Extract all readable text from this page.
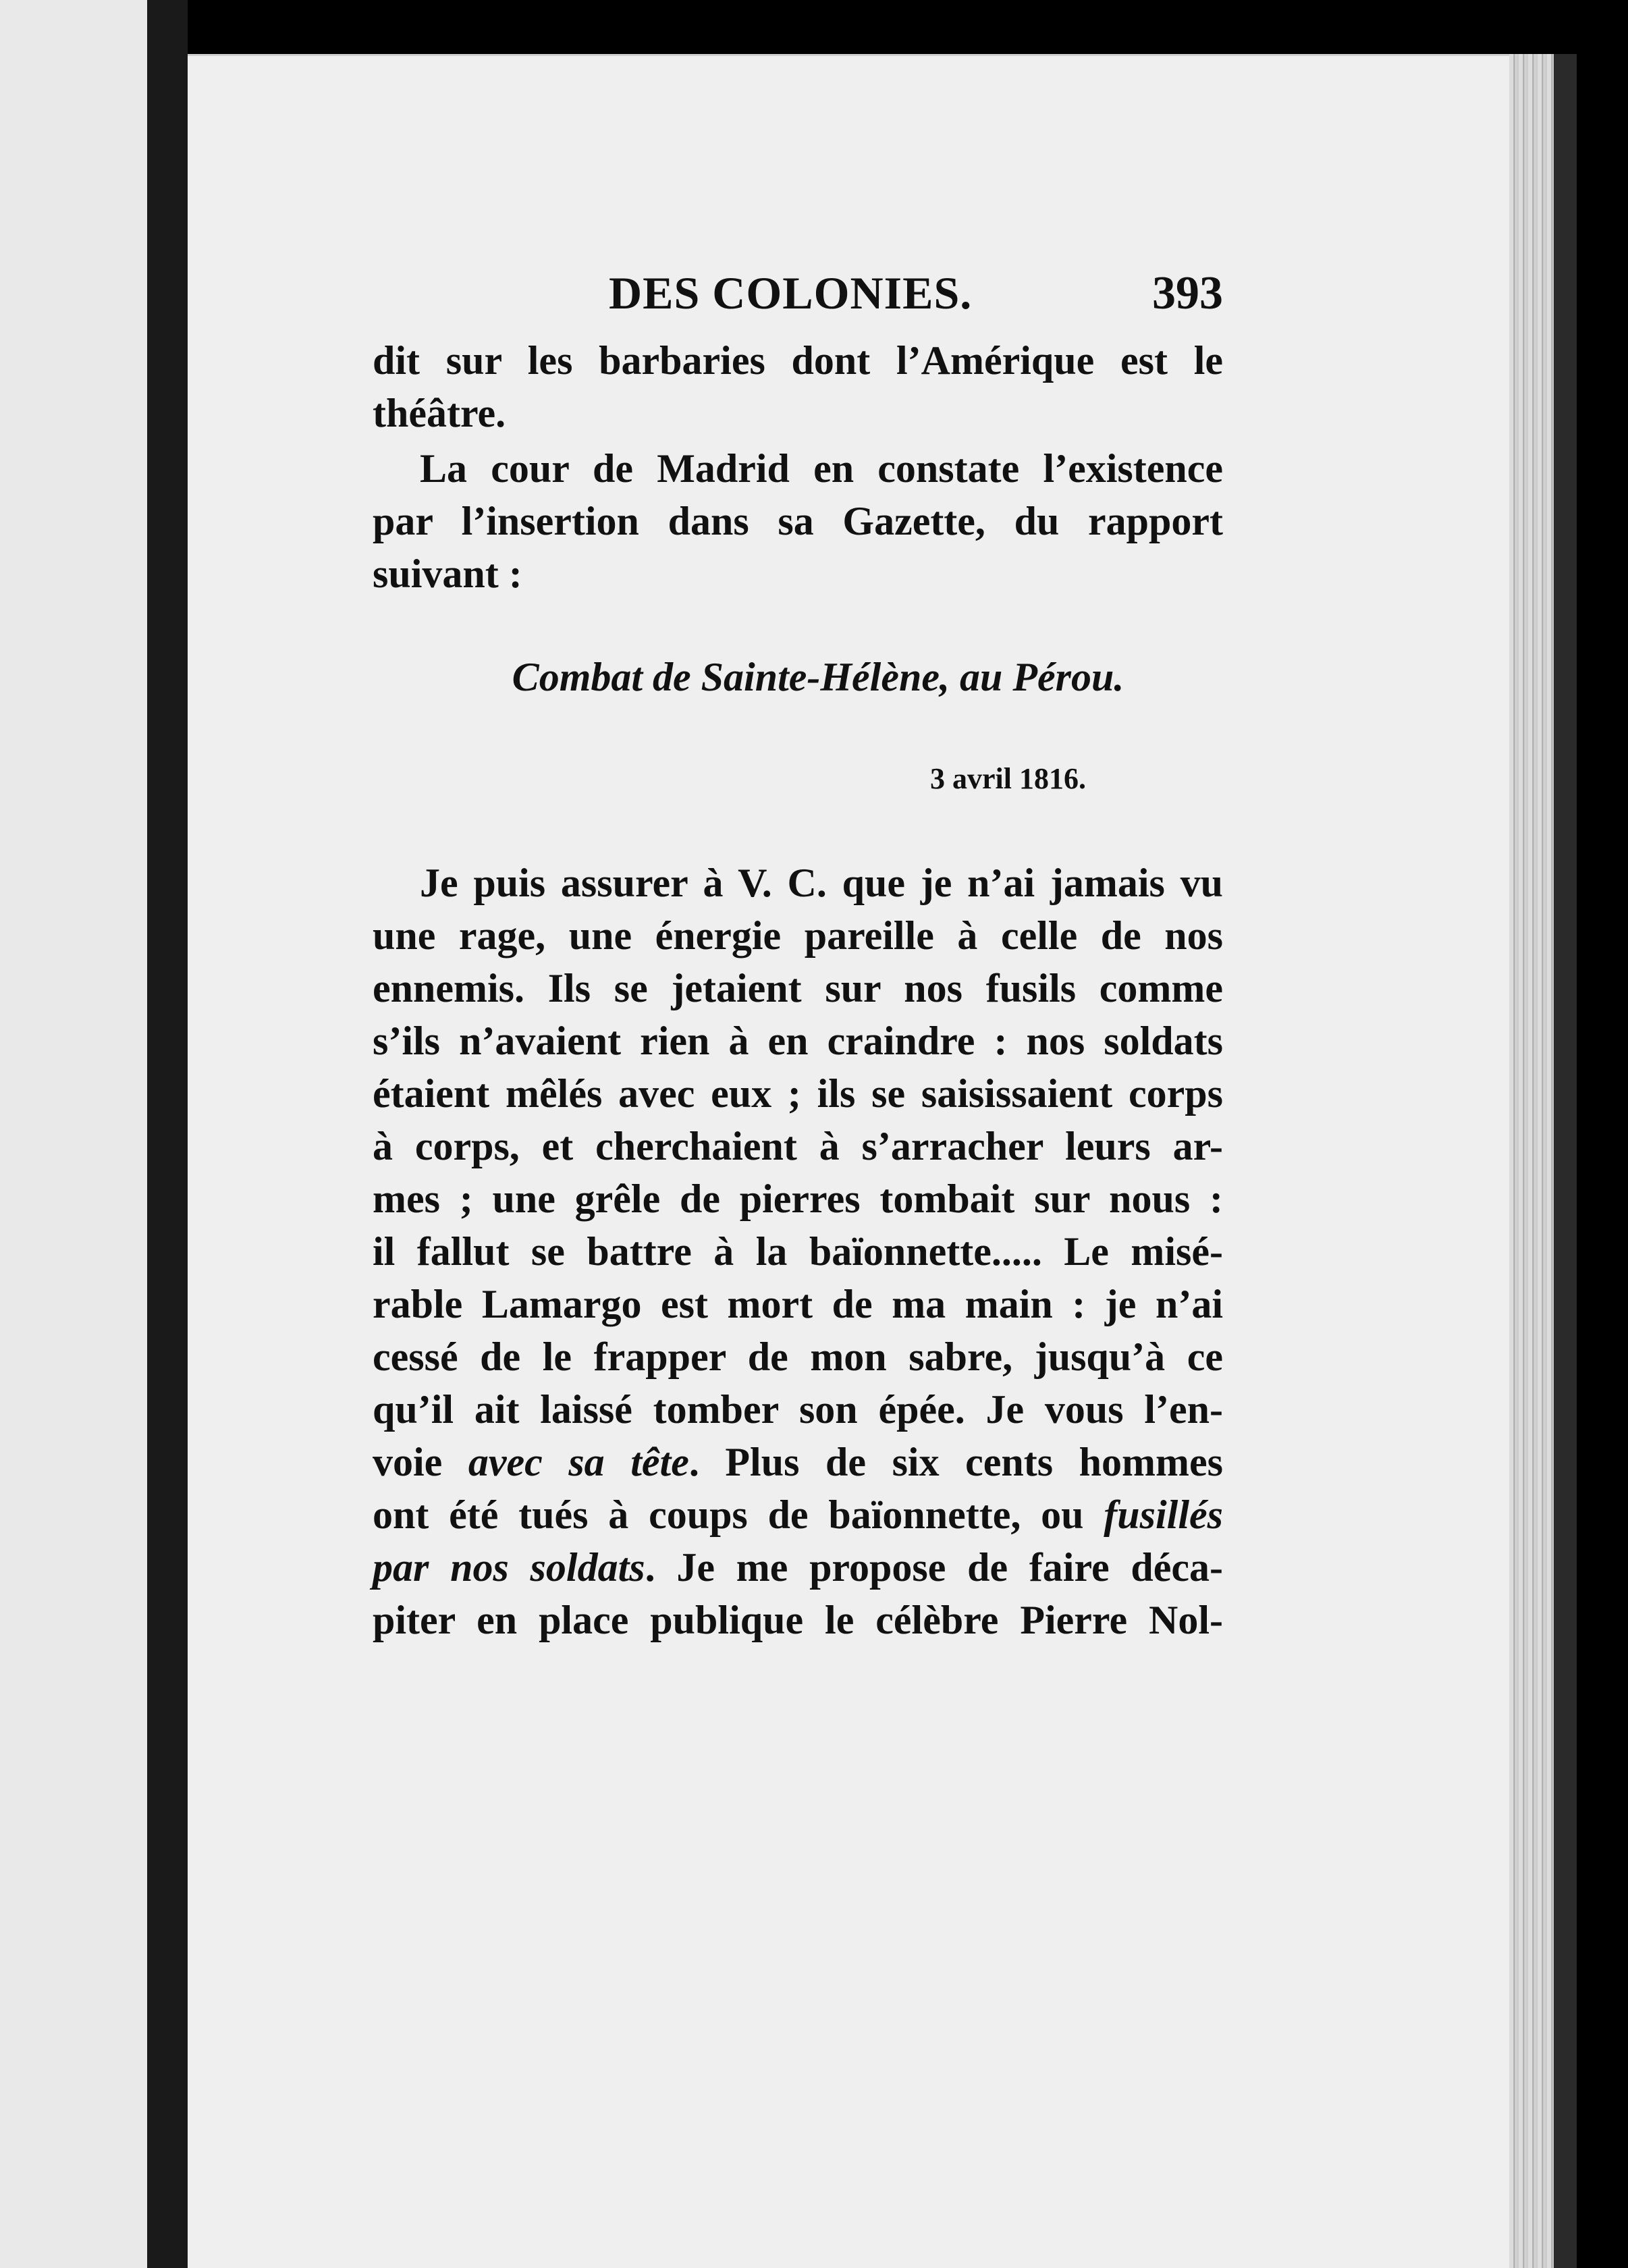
DES COLONIES.	393
dit sur les barbaries dont l’Amérique est le
théâtre.
La cour de Madrid en constate l’existence
par l’insertion dans sa Gazette, du rapport
suivant :
Combat de Sainte-Hélène, au Pérou.
3 avril 1816.
Je puis assurer à V. C. que je n’ai jamais vu
une rage, une énergie pareille à celle de nos
ennemis. Ils se jetaient sur nos fusils comme
s’ils n’avaient rien à en craindre : nos soldats
étaient mêlés avec eux ; ils se saisissaient corps
à corps, et cherchaient à s’arracher leurs ar-
mes ; une grêle de pierres tombait sur nous :
il fallut se battre à la baïonnette..... Le misé-
rable Lamargo est mort de ma main : je n’ai
cessé de le frapper de mon sabre, jusqu’à ce
qu’il ait laissé tomber son épée. Je vous l’en-
voie avec sa tête. Plus de six cents hommes
ont été tués à coups de baïonnette, ou fusillés
par nos soldats. Je me propose de faire déca-
piter en place publique le célèbre Pierre Nol-
